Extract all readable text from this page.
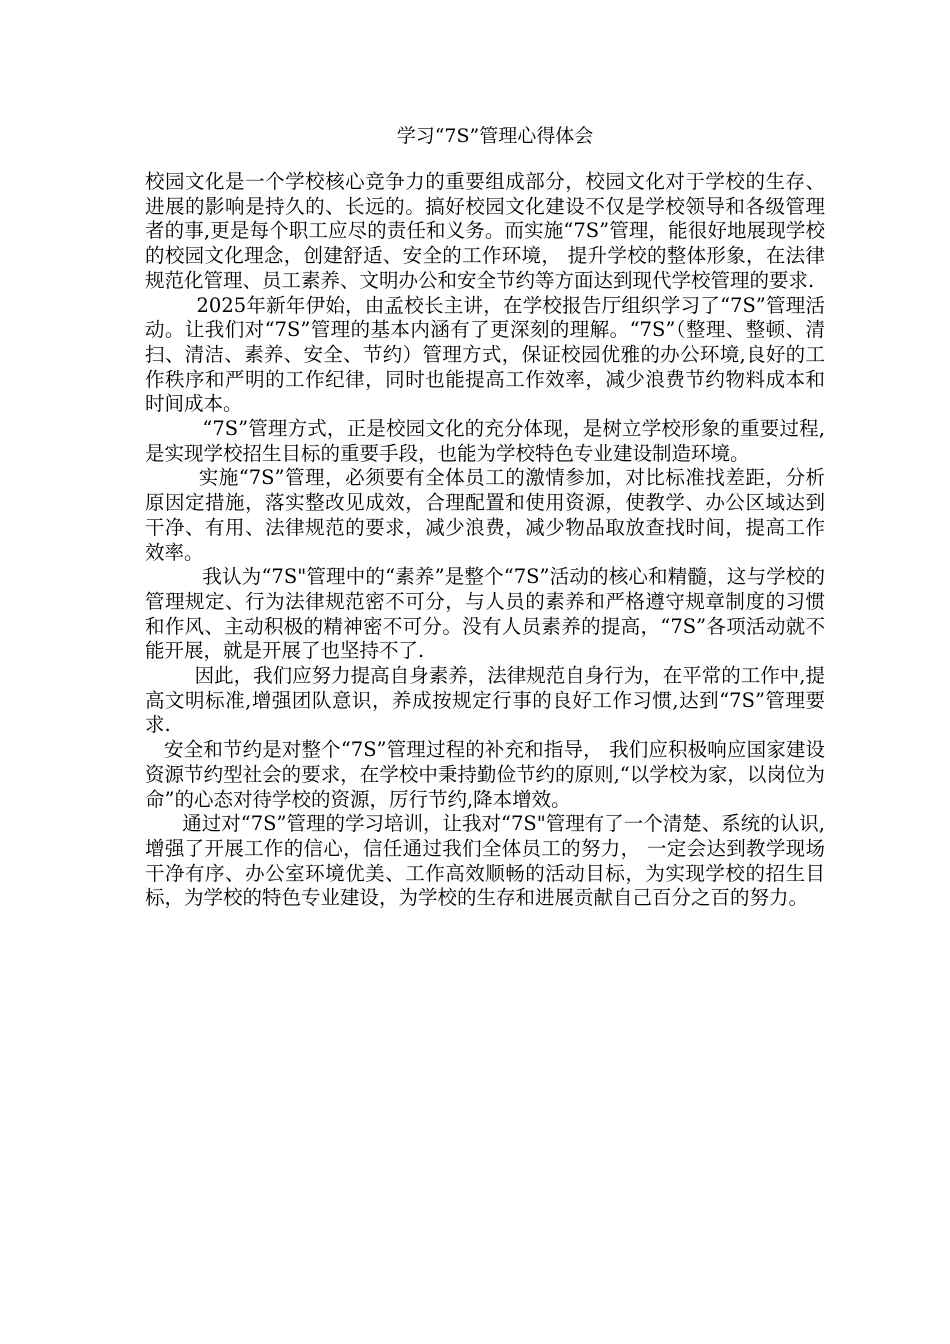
学习“7S”管理心得体会

校园文化是一个学校核心竞争力的重要组成部分，校园文化对于学校的生存、进展的影响是持久的、长远的。搞好校园文化建设不仅是学校领导和各级管理者的事,更是每个职工应尽的责任和义务。而实施“7S”管理，能很好地展现学校的校园文化理念，创建舒适、安全的工作环境， 提升学校的整体形象，在法律规范化管理、员工素养、文明办公和安全节约等方面达到现代学校管理的要求.

2025年新年伊始，由孟校长主讲，在学校报告厅组织学习了“7S”管理活动。让我们对“7S”管理的基本内涵有了更深刻的理解。“7S”（整理、整顿、清扫、清洁、素养、安全、节约）管理方式，保证校园优雅的办公环境,良好的工作秩序和严明的工作纪律，同时也能提高工作效率，减少浪费节约物料成本和时间成本。

“7S”管理方式，正是校园文化的充分体现，是树立学校形象的重要过程,是实现学校招生目标的重要手段，也能为学校特色专业建设制造环境。

实施“7S”管理，必须要有全体员工的激情参加，对比标准找差距，分析原因定措施，落实整改见成效，合理配置和使用资源，使教学、办公区域达到干净、有用、法律规范的要求，减少浪费，减少物品取放查找时间，提高工作效率。

我认为“7S"管理中的“素养”是整个“7S”活动的核心和精髓，这与学校的管理规定、行为法律规范密不可分，与人员的素养和严格遵守规章制度的习惯和作风、主动积极的精神密不可分。没有人员素养的提高，“7S”各项活动就不能开展，就是开展了也坚持不了.

因此，我们应努力提高自身素养，法律规范自身行为，在平常的工作中,提高文明标准,增强团队意识，养成按规定行事的良好工作习惯,达到“7S”管理要求.

安全和节约是对整个“7S”管理过程的补充和指导， 我们应积极响应国家建设资源节约型社会的要求，在学校中秉持勤俭节约的原则,“以学校为家，以岗位为命”的心态对待学校的资源，厉行节约,降本增效。

通过对“7S”管理的学习培训，让我对“7S"管理有了一个清楚、系统的认识,增强了开展工作的信心，信任通过我们全体员工的努力， 一定会达到教学现场干净有序、办公室环境优美、工作高效顺畅的活动目标，为实现学校的招生目标，为学校的特色专业建设，为学校的生存和进展贡献自己百分之百的努力。
